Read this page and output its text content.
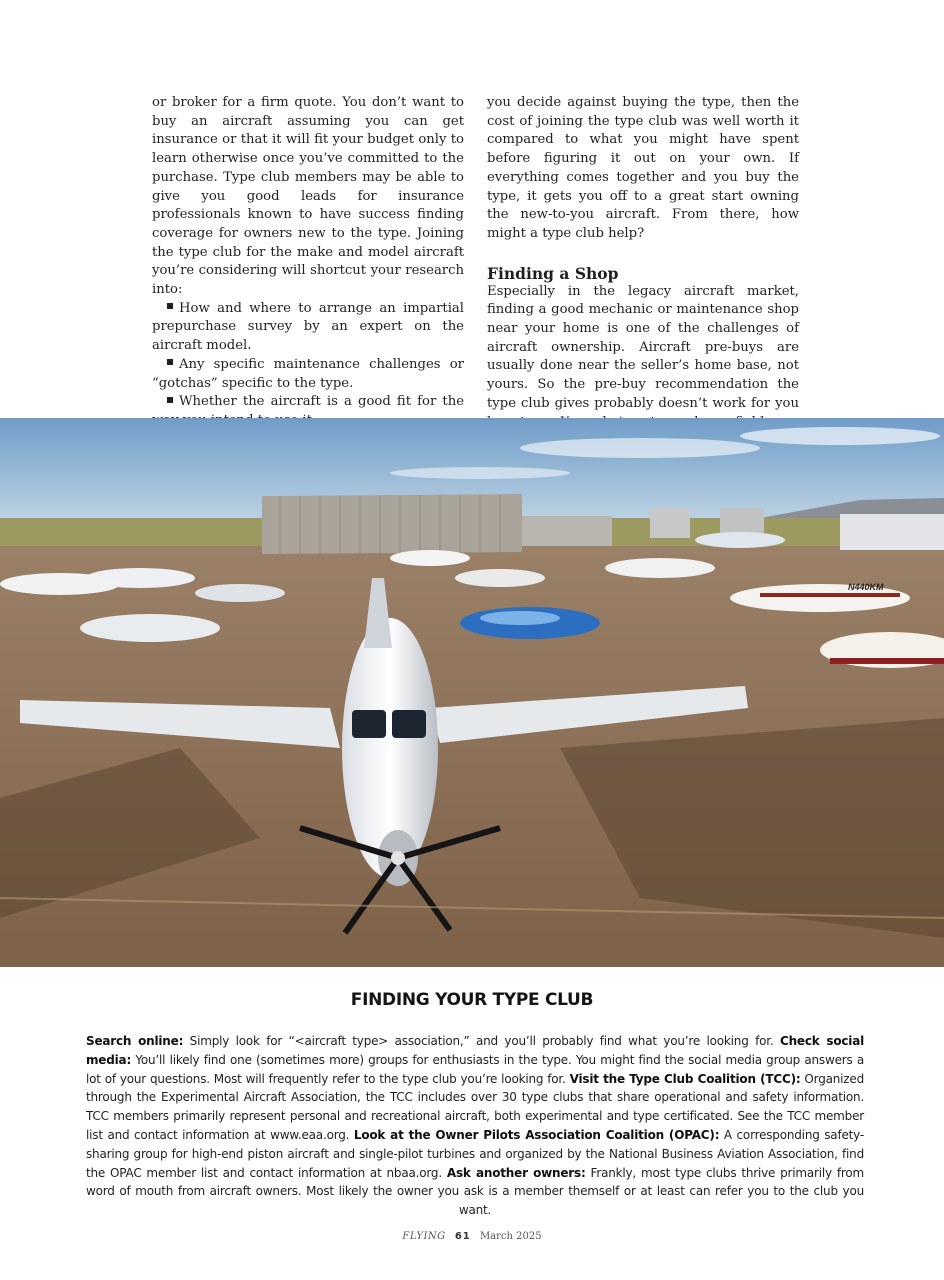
or broker for a firm quote. You don’t want to buy an aircraft assuming you can get insurance or that it will fit your budget only to learn otherwise once you’ve committed to the purchase. Type club members may be able to give you good leads for insurance professionals known to have success finding coverage for owners new to the type. Joining the type club for the make and model aircraft you’re considering will shortcut your research into:

How and where to arrange an impartial prepurchase survey by an expert on the aircraft model.

Any specific maintenance challenges or “gotchas” specific to the type.

Whether the aircraft is a good fit for the

you decide against buying the type, then the cost of joining the type club was well worth it compared to what you might have spent before figuring it out on your own. If everything comes together and you buy the type, it gets you off to a great start owning the new-to-you aircraft. From there, how might a type club help?

Finding a Shop

Especially in the legacy aircraft market, finding a good mechanic or maintenance shop near your home is one of the challenges of aircraft ownership. Aircraft pre-buys are usually done near the seller’s home base, not yours. So the pre-buy recommendation the type club gives probably doesn’t work for you

N440KM
FINDING YOUR TYPE CLUB

Search online: Simply look for “<aircraft type> association,” and you’ll probably find what you’re looking for. Check social media: You’ll likely find one (sometimes more) groups for enthusiasts in the type. You might find the social media group answers a lot of your questions. Most will frequently refer to the type club you’re looking for. Visit the Type Club Coalition (TCC): Organized through the Experimental Aircraft Association, the TCC includes over 30 type clubs that share operational and safety information. TCC members primarily represent personal and recreational aircraft, both experimental and type certificated. See the TCC member list and contact information at www.eaa.org. Look at the Owner Pilots Association Coalition (OPAC): A corresponding safety-sharing group for high-end piston aircraft and single-pilot turbines and organized by the National Business Aviation Association, find the OPAC member list and contact information at nbaa.org. Ask another owners: Frankly, most type clubs thrive primarily from word of mouth from aircraft owners. Most likely the owner you ask is a member themself or at least can refer you to the club you want.

FLYING 61 March 2025
